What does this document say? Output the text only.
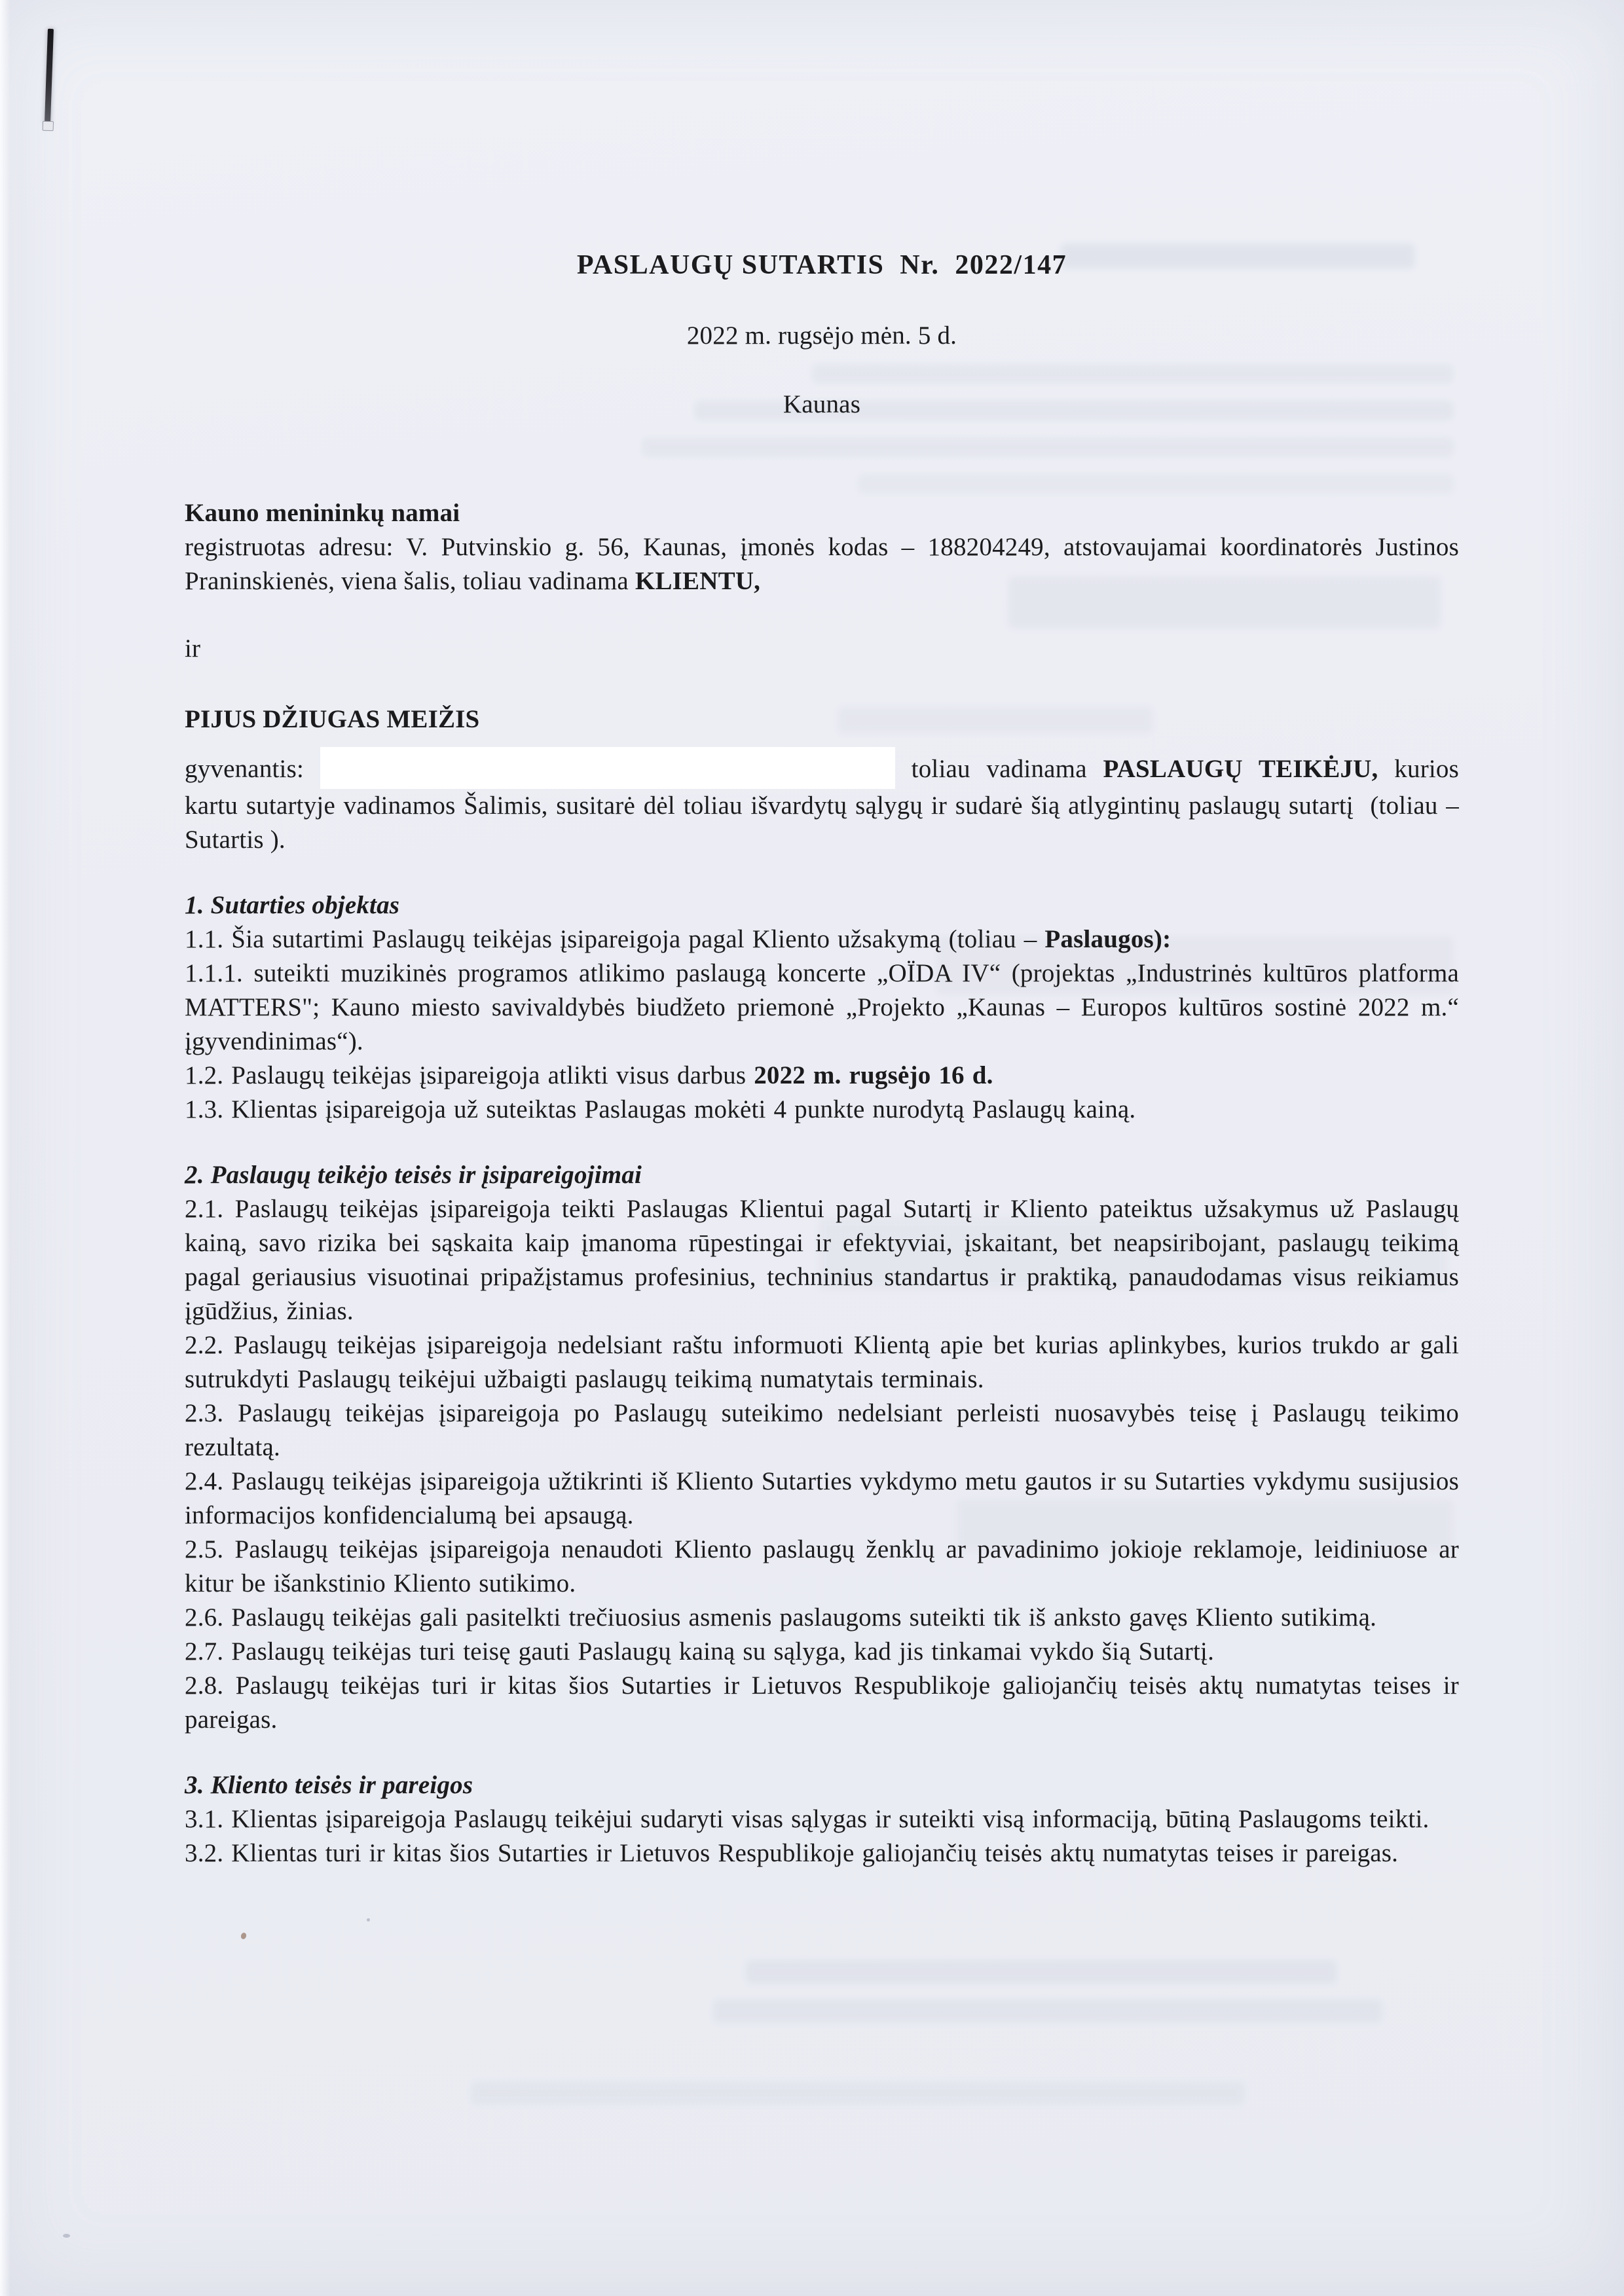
PASLAUGŲ SUTARTIS  Nr.  2022/147

2022 m. rugsėjo mėn. 5 d.

Kaunas

Kauno menininkų namai

registruotas adresu: V. Putvinskio g. 56, Kaunas, įmonės kodas – 188204249, atstovaujamai koordinatorės Justinos Praninskienės, viena šalis, toliau vadinama KLIENTU,

ir

PIJUS DŽIUGAS MEIŽIS

gyvenantis:	toliau vadinama PASLAUGŲ TEIKĖJU, kurios kartu sutartyje vadinamos Šalimis, susitarė dėl toliau išvardytų sąlygų ir sudarė šią atlygintinų paslaugų sutartį  (toliau – Sutartis ).

1. Sutarties objektas

1.1. Šia sutartimi Paslaugų teikėjas įsipareigoja pagal Kliento užsakymą (toliau – Paslaugos):

1.1.1. suteikti muzikinės programos atlikimo paslaugą koncerte „OÏDA IV“ (projektas „Industrinės kultūros platforma MATTERS"; Kauno miesto savivaldybės biudžeto priemonė „Projekto „Kaunas – Europos kultūros sostinė 2022 m.“ įgyvendinimas“).

1.2. Paslaugų teikėjas įsipareigoja atlikti visus darbus 2022 m. rugsėjo 16 d.

1.3. Klientas įsipareigoja už suteiktas Paslaugas mokėti 4 punkte nurodytą Paslaugų kainą.

2. Paslaugų teikėjo teisės ir įsipareigojimai

2.1. Paslaugų teikėjas įsipareigoja teikti Paslaugas Klientui pagal Sutartį ir Kliento pateiktus užsakymus už Paslaugų kainą, savo rizika bei sąskaita kaip įmanoma rūpestingai ir efektyviai, įskaitant, bet neapsiribojant, paslaugų teikimą pagal geriausius visuotinai pripažįstamus profesinius, techninius standartus ir praktiką, panaudodamas visus reikiamus įgūdžius, žinias.

2.2. Paslaugų teikėjas įsipareigoja nedelsiant raštu informuoti Klientą apie bet kurias aplinkybes, kurios trukdo ar gali sutrukdyti Paslaugų teikėjui užbaigti paslaugų teikimą numatytais terminais.

2.3. Paslaugų teikėjas įsipareigoja po Paslaugų suteikimo nedelsiant perleisti nuosavybės teisę į Paslaugų teikimo rezultatą.

2.4. Paslaugų teikėjas įsipareigoja užtikrinti iš Kliento Sutarties vykdymo metu gautos ir su Sutarties vykdymu susijusios informacijos konfidencialumą bei apsaugą.

2.5. Paslaugų teikėjas įsipareigoja nenaudoti Kliento paslaugų ženklų ar pavadinimo jokioje reklamoje, leidiniuose ar kitur be išankstinio Kliento sutikimo.

2.6. Paslaugų teikėjas gali pasitelkti trečiuosius asmenis paslaugoms suteikti tik iš anksto gavęs Kliento sutikimą.

2.7. Paslaugų teikėjas turi teisę gauti Paslaugų kainą su sąlyga, kad jis tinkamai vykdo šią Sutartį.

2.8. Paslaugų teikėjas turi ir kitas šios Sutarties ir Lietuvos Respublikoje galiojančių teisės aktų numatytas teises ir pareigas.

3. Kliento teisės ir pareigos

3.1. Klientas įsipareigoja Paslaugų teikėjui sudaryti visas sąlygas ir suteikti visą informaciją, būtiną Paslaugoms teikti.

3.2. Klientas turi ir kitas šios Sutarties ir Lietuvos Respublikoje galiojančių teisės aktų numatytas teises ir pareigas.
